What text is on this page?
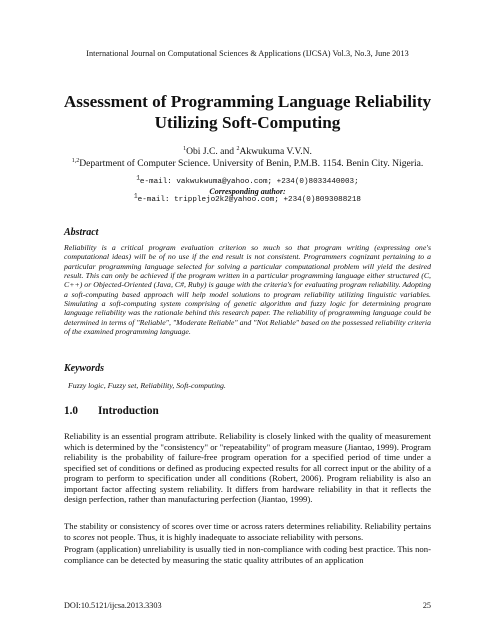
International Journal on Computational Sciences & Applications (IJCSA) Vol.3, No.3, June 2013
Assessment of Programming Language Reliability
Utilizing Soft-Computing
$^1$Obi J.C. and $^2$Akwukuma V.V.N.
$^{1,2}$Department of Computer Science. University of Benin, P.M.B. 1154. Benin City. Nigeria.
$^1$e-mail: vakwukwuma@yahoo.com; +234(0)8033440003;
Corresponding author:
$^1$e-mail: tripplejo2k2@yahoo.com; +234(0)8093088218
Abstract
Reliability is a critical program evaluation criterion so much so that program writing (expressing one's computational ideas) will be of no use if the end result is not consistent. Programmers cognizant pertaining to a particular programming language selected for solving a particular computational problem will yield the desired result. This can only be achieved if the program written in a particular programming language either structured (C, C++) or Objected-Oriented (Java, C#, Ruby) is gauge with the criteria's for evaluating program reliability. Adopting a soft-computing based approach will help model solutions to program reliability utilizing linguistic variables. Simulating a soft-computing system comprising of genetic algorithm and fuzzy logic for determining program language reliability was the rationale behind this research paper. The reliability of programming language could be determined in terms of "Reliable", "Moderate Reliable" and "Not Reliable" based on the possessed reliability criteria of the examined programming language.
Keywords
Fuzzy logic, Fuzzy set, Reliability, Soft-computing.
1.0 Introduction
Reliability is an essential program attribute. Reliability is closely linked with the quality of measurement which is determined by the "consistency" or "repeatability" of program measure (Jiantao, 1999). Program reliability is the probability of failure-free program operation for a specified period of time under a specified set of conditions or defined as producing expected results for all correct input or the ability of a program to perform to specification under all conditions (Robert, 2006). Program reliability is also an important factor affecting system reliability. It differs from hardware reliability in that it reflects the design perfection, rather than manufacturing perfection (Jiantao, 1999).
The stability or consistency of scores over time or across raters determines reliability. Reliability pertains to scores not people. Thus, it is highly inadequate to associate reliability with persons.
Program (application) unreliability is usually tied in non-compliance with coding best practice. This non-compliance can be detected by measuring the static quality attributes of an application
DOI:10.5121/ijcsa.2013.3303	25
